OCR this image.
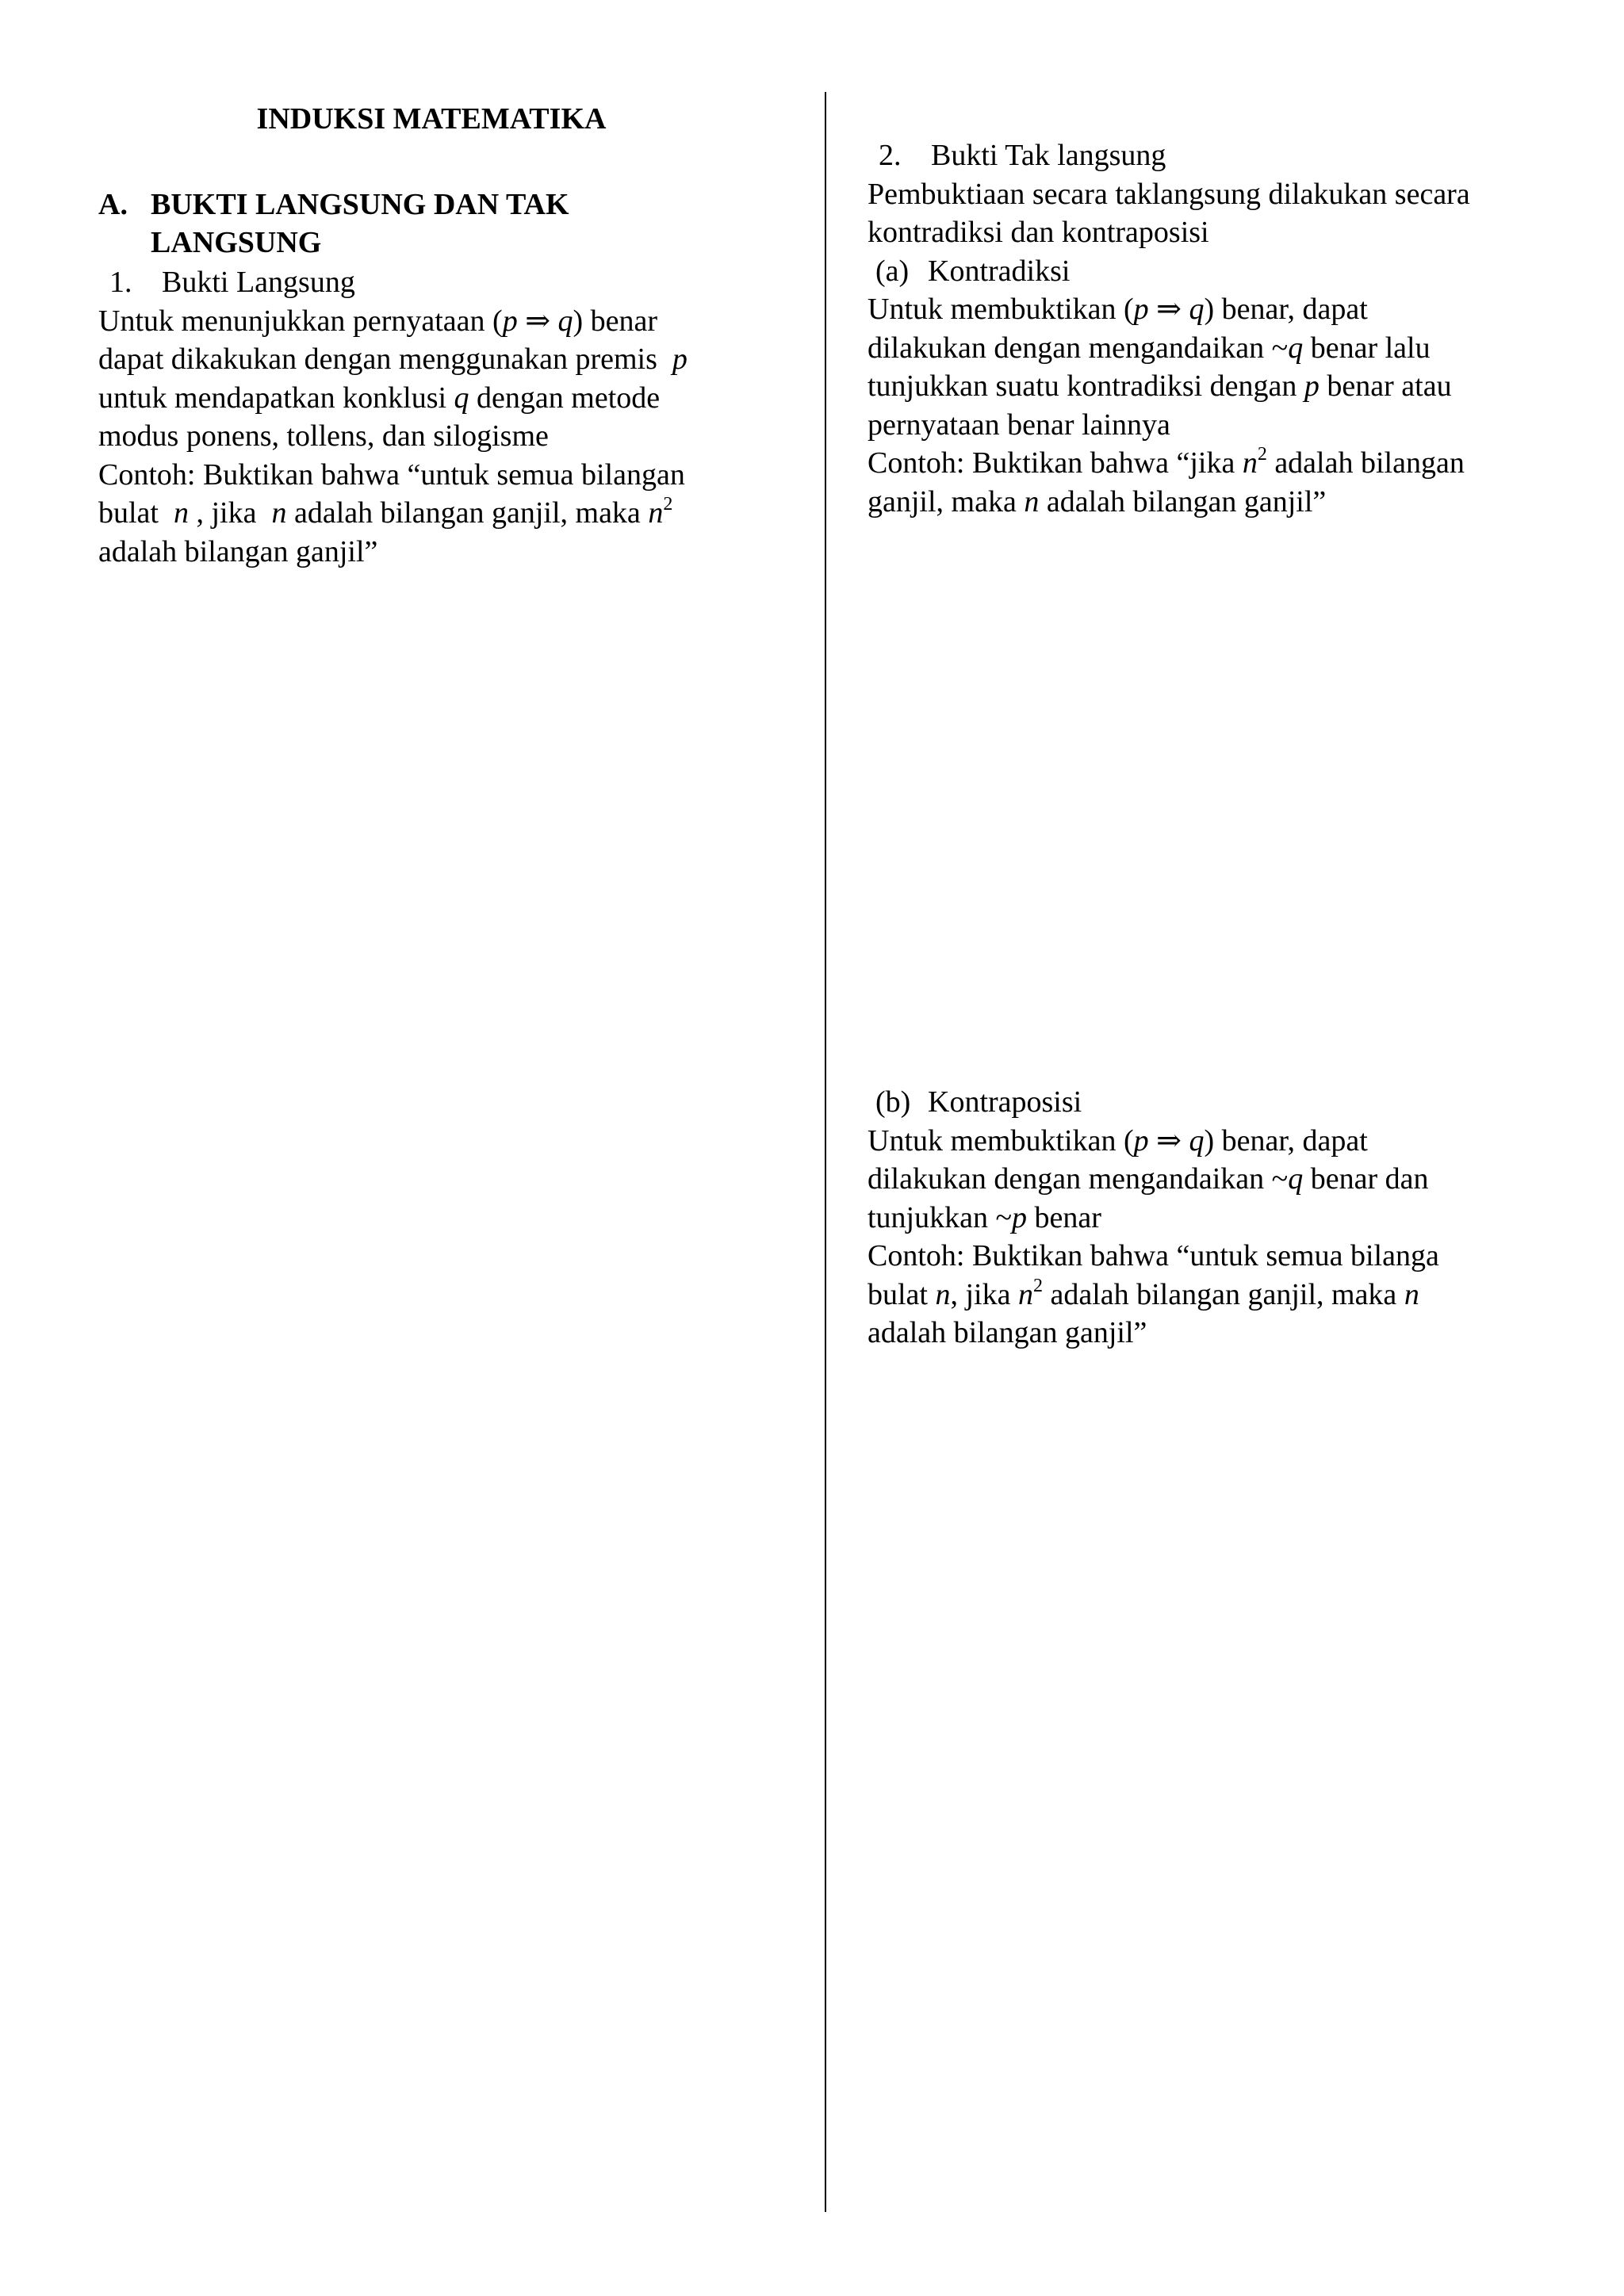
INDUKSI MATEMATIKA
A. BUKTI LANGSUNG DAN TAK
LANGSUNG
1. Bukti Langsung
Untuk menunjukkan pernyataan (p ⇒ q) benar
dapat dikakukan dengan menggunakan premis p
untuk mendapatkan konklusi q dengan metode
modus ponens, tollens, dan silogisme
Contoh: Buktikan bahwa “untuk semua bilangan
bulat n , jika n adalah bilangan ganjil, maka $n^2$
adalah bilangan ganjil”
2. Bukti Tak langsung
Pembuktiaan secara taklangsung dilakukan secara
kontradiksi dan kontraposisi
(a) Kontradiksi
Untuk membuktikan (p ⇒ q) benar, dapat
dilakukan dengan mengandaikan ~q benar lalu
tunjukkan suatu kontradiksi dengan p benar atau
pernyataan benar lainnya
Contoh: Buktikan bahwa “jika $n^2$ adalah bilangan
ganjil, maka n adalah bilangan ganjil”
(b) Kontraposisi
Untuk membuktikan (p ⇒ q) benar, dapat
dilakukan dengan mengandaikan ~q benar dan
tunjukkan ~p benar
Contoh: Buktikan bahwa “untuk semua bilanga
bulat n, jika $n^2$ adalah bilangan ganjil, maka n
adalah bilangan ganjil”
